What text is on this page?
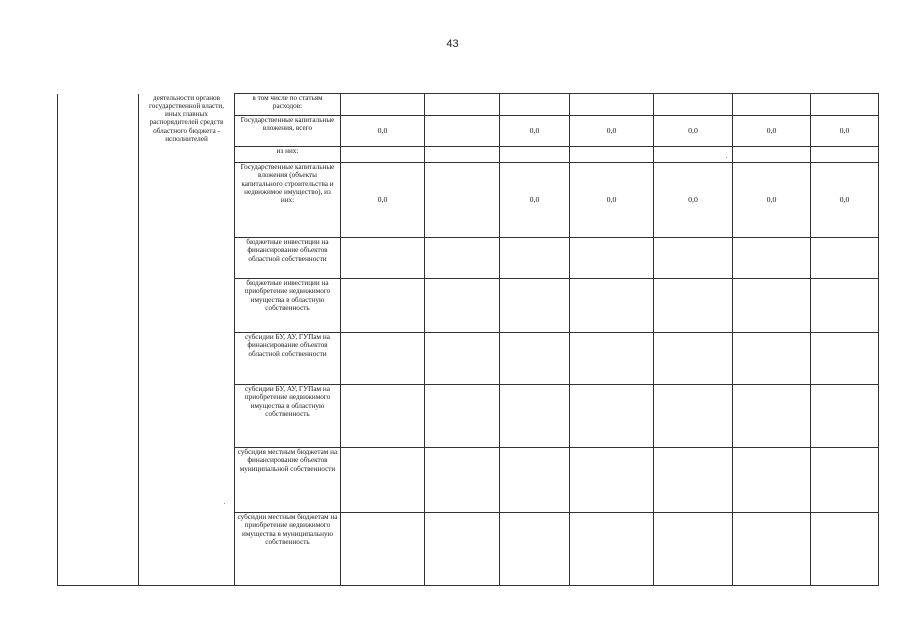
43
	деятельности органов государственной власти, иных главных распорядителей средств областного бюджета - исполнителей	в том числе по статьям расходов:							
		Государственные капитальные вложения, всего	0,0		0,0	0,0	0,0	0,0	0,0
		из них:							
		Государственные капитальные вложения (объекты капитального строительства и недвижимое имущество), из них:	0,0		0,0	0,0	0,0	0,0	0,0
		бюджетные инвестиции на финансирование объектов областной собственности							
		бюджетные инвестиции на приобретение недвижимого имущества в областную собственность							
		субсидии БУ, АУ, ГУПам на финансирование объектов областной собственности							
		субсидии БУ, АУ, ГУПам на приобретение недвижимого имущества в областную собственность							
		субсидия местным бюджетам на финансирование объектов муниципальной собственности							
		субсидии местным бюджетам на приобретение недвижимого имущества в муниципальную собственность							
